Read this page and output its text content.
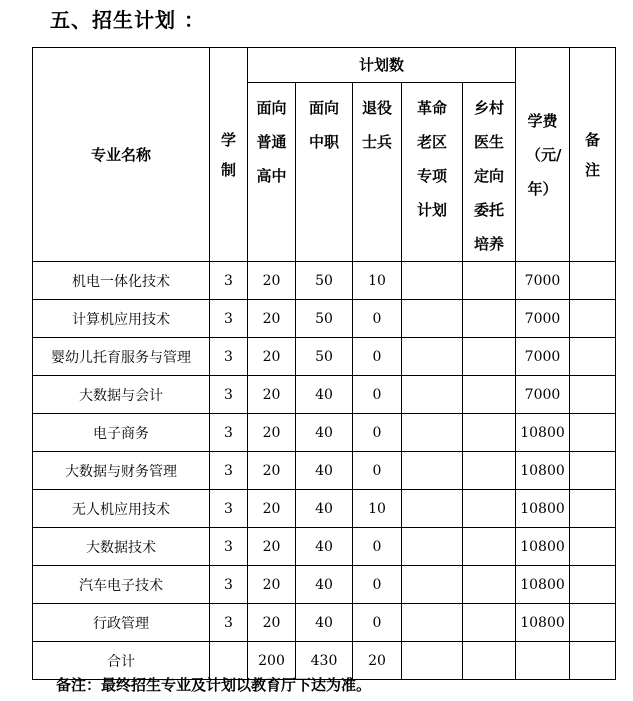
五、招生计划 ：
专业名称	学制	计划数					学费（元/年）	备注
		面向普通高中	面向中职	退役士兵	革命老区专项计划	乡村医生定向委托培养		
机电一体化技术	3	20	50	10			7000	
计算机应用技术	3	20	50	0			7000	
婴幼儿托育服务与管理	3	20	50	0			7000	
大数据与会计	3	20	40	0			7000	
电子商务	3	20	40	0			10800	
大数据与财务管理	3	20	40	0			10800	
无人机应用技术	3	20	40	10			10800	
大数据技术	3	20	40	0			10800	
汽车电子技术	3	20	40	0			10800	
行政管理	3	20	40	0			10800	
合计		200	430	20				
备注：最终招生专业及计划以教育厅下达为准。
